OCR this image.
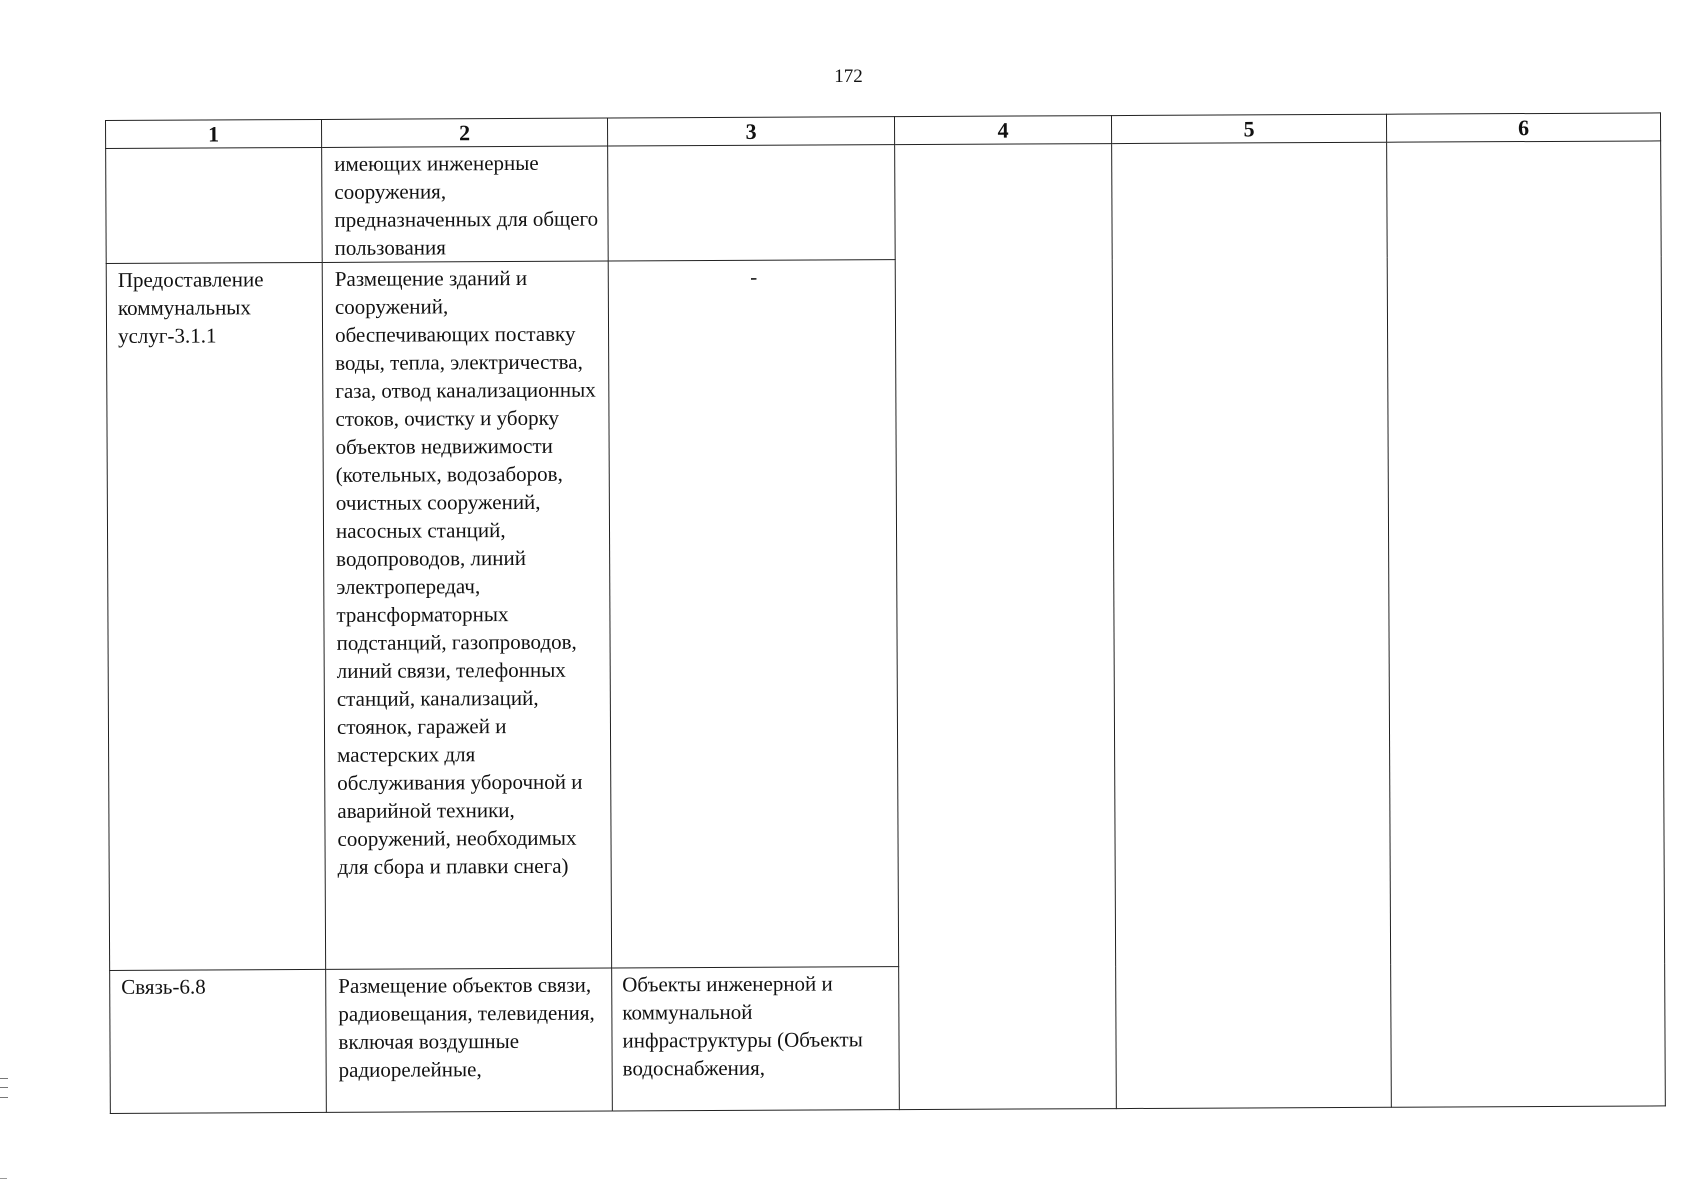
172
1	2	3	4	5	6
	имеющих инженерные сооружения, предназначенных для общего пользования				
Предоставление коммунальных услуг-3.1.1	Размещение зданий и сооружений, обеспечивающих поставку воды, тепла, электричества, газа, отвод канализационных стоков, очистку и уборку объектов недвижимости (котельных, водозаборов, очистных сооружений, насосных станций, водопроводов, линий электропередач, трансформаторных подстанций, газопроводов, линий связи, телефонных станций, канализаций, стоянок, гаражей и мастерских для обслуживания уборочной и аварийной техники, сооружений, необходимых для сбора и плавки снега)	-			
Связь-6.8	Размещение объектов связи, радиовещания, телевидения, включая воздушные радиорелейные,	Объекты инженерной и коммунальной инфраструктуры (Объекты водоснабжения,			
